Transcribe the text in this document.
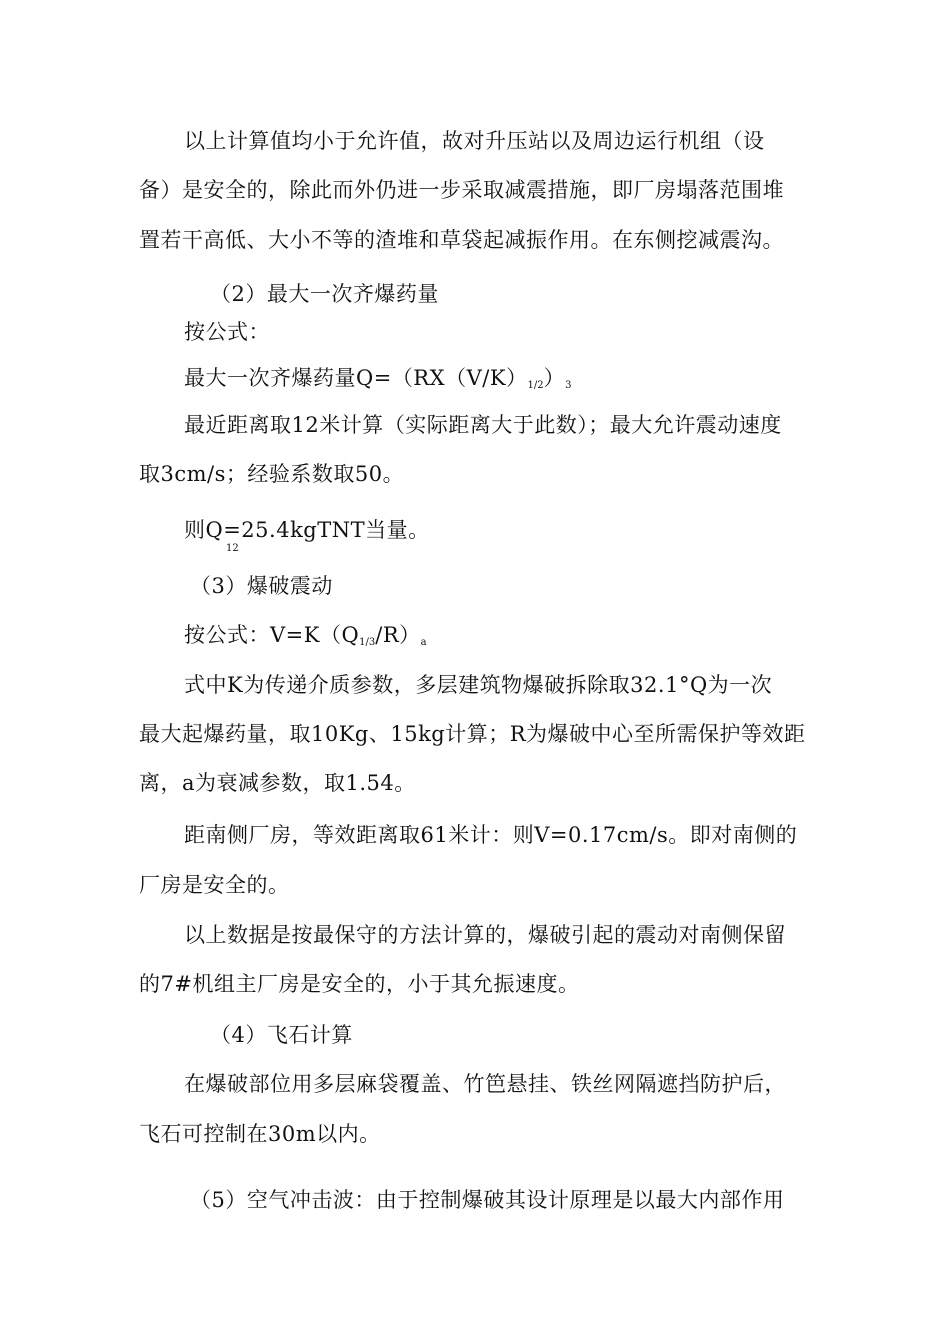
以上计算值均小于允许值，故对升压站以及周边运行机组（设
备）是安全的，除此而外仍进一步采取减震措施，即厂房塌落范围堆
置若干高低、大小不等的渣堆和草袋起减振作用。在东侧挖减震沟。
（2）最大一次齐爆药量
按公式：
最大一次齐爆药量$Q=(RX(V/K)_{1/2})_3$
最近距离取12米计算（实际距离大于此数）；最大允许震动速度
取3cm/s；经验系数取50。
则Q=25.4kgTNT当量。
12
（3）爆破震动
按公式：$V=K(Q_{1/3}/R)_a$
式中K为传递介质参数，多层建筑物爆破拆除取32.1°Q为一次
最大起爆药量，取10Kg、15kg计算；R为爆破中心至所需保护等效距
离，a为衰减参数，取1.54。
距南侧厂房，等效距离取61米计：则V=0.17cm/s。即对南侧的
厂房是安全的。
以上数据是按最保守的方法计算的，爆破引起的震动对南侧保留
的7#机组主厂房是安全的，小于其允振速度。
（4）飞石计算
在爆破部位用多层麻袋覆盖、竹笆悬挂、铁丝网隔遮挡防护后，
飞石可控制在30m以内。
（5）空气冲击波：由于控制爆破其设计原理是以最大内部作用
